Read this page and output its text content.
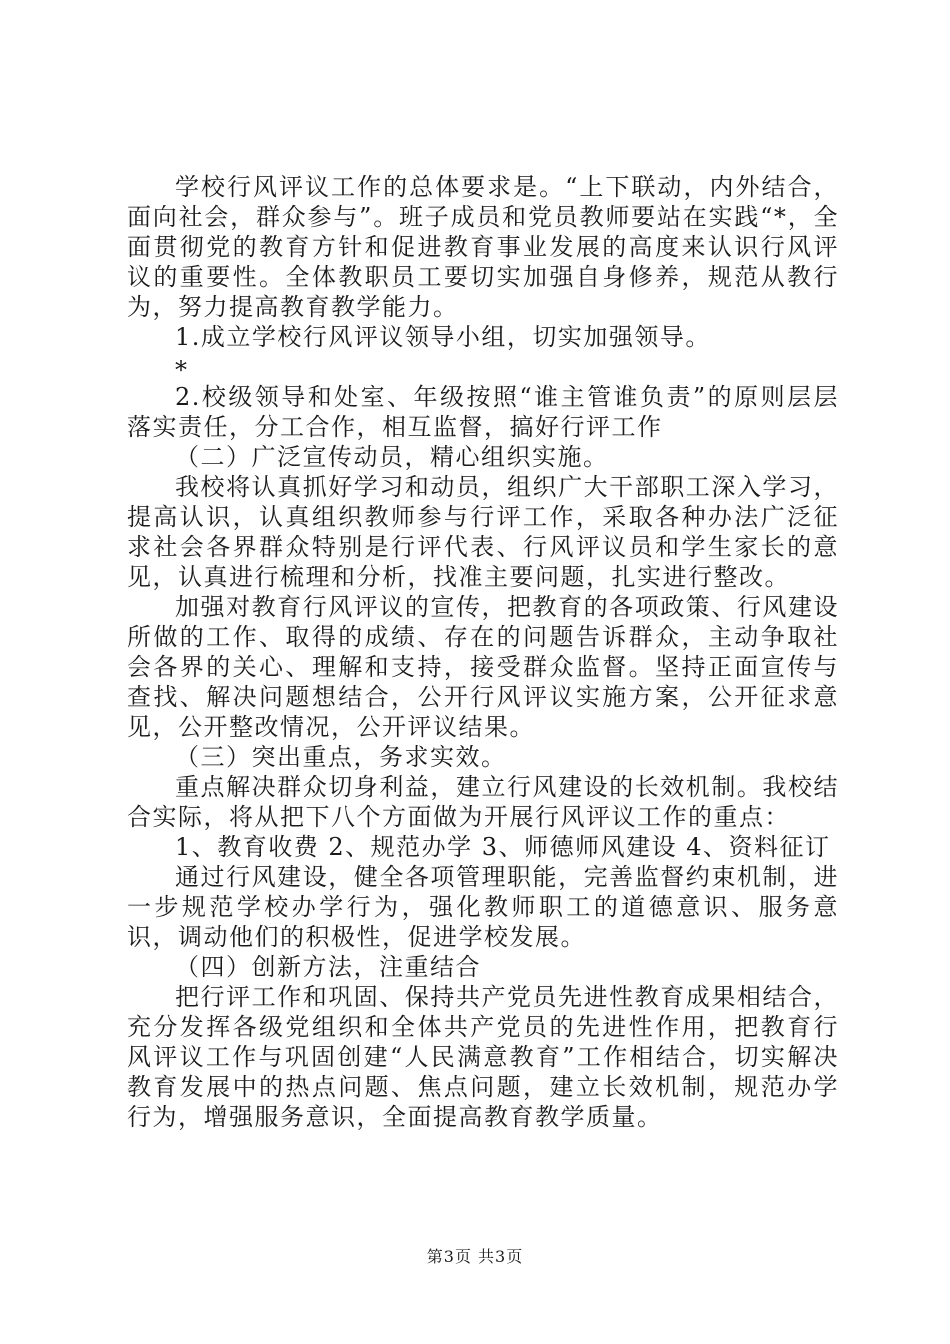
学校行风评议工作的总体要求是。“上下联动，内外结合，面向社会，群众参与”。班子成员和党员教师要站在实践“*，全面贯彻党的教育方针和促进教育事业发展的高度来认识行风评议的重要性。全体教职员工要切实加强自身修养，规范从教行为，努力提高教育教学能力。

1.成立学校行风评议领导小组，切实加强领导。

*

2.校级领导和处室、年级按照“谁主管谁负责”的原则层层落实责任，分工合作，相互监督，搞好行评工作

（二）广泛宣传动员，精心组织实施。

我校将认真抓好学习和动员，组织广大干部职工深入学习，提高认识，认真组织教师参与行评工作，采取各种办法广泛征求社会各界群众特别是行评代表、行风评议员和学生家长的意见，认真进行梳理和分析，找准主要问题，扎实进行整改。

加强对教育行风评议的宣传，把教育的各项政策、行风建设所做的工作、取得的成绩、存在的问题告诉群众，主动争取社会各界的关心、理解和支持，接受群众监督。坚持正面宣传与查找、解决问题想结合，公开行风评议实施方案，公开征求意见，公开整改情况，公开评议结果。

（三）突出重点，务求实效。

重点解决群众切身利益，建立行风建设的长效机制。我校结合实际，将从把下八个方面做为开展行风评议工作的重点：

1、教育收费 2、规范办学 3、师德师风建设 4、资料征订

通过行风建设，健全各项管理职能，完善监督约束机制，进一步规范学校办学行为，强化教师职工的道德意识、服务意识，调动他们的积极性，促进学校发展。

（四）创新方法，注重结合

把行评工作和巩固、保持共产党员先进性教育成果相结合，充分发挥各级党组织和全体共产党员的先进性作用，把教育行风评议工作与巩固创建“人民满意教育”工作相结合，切实解决教育发展中的热点问题、焦点问题，建立长效机制，规范办学行为，增强服务意识，全面提高教育教学质量。

第3页 共3页
